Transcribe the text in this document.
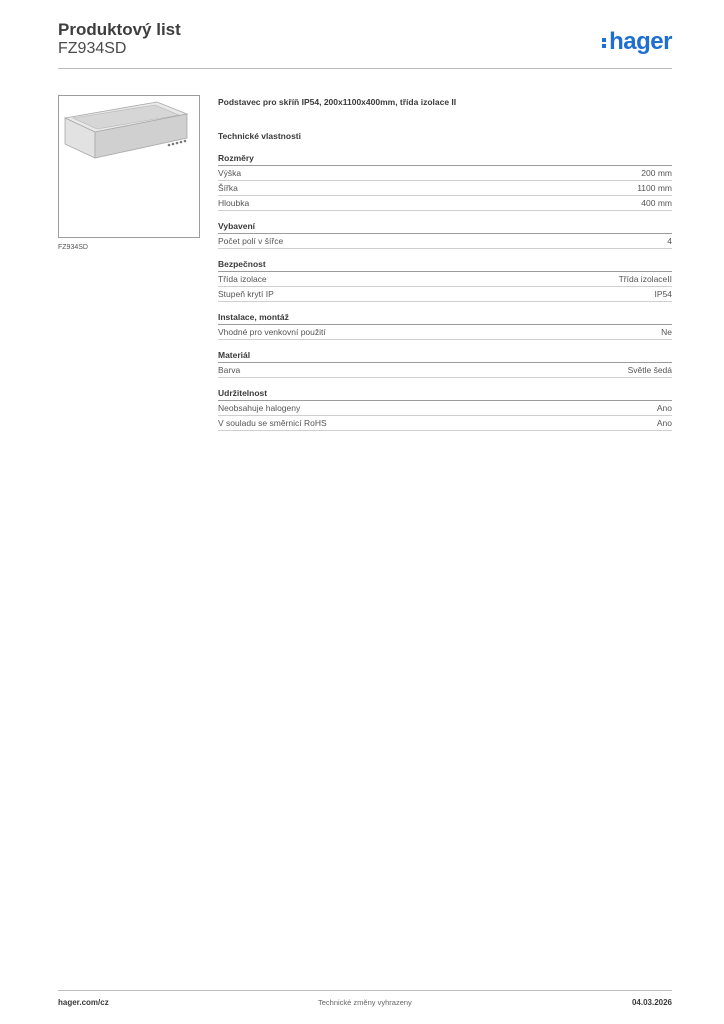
Produktový list
FZ934SD	hager
FZ934SD
Podstavec pro skříň IP54, 200x1100x400mm, třída izolace II
Technické vlastnosti
Rozměry
Výška	200 mm
Šířka	1100 mm
Hloubka	400 mm
Vybavení
Počet polí v šířce	4
Bezpečnost
Třída izolace	Třída izolaceII
Stupeň krytí IP	IP54
Instalace, montáž
Vhodné pro venkovní použití	Ne
Materiál
Barva	Světle šedá
Udržitelnost
Neobsahuje halogeny	Ano
V souladu se směrnicí RoHS	Ano
hager.com/cz	Technické změny vyhrazeny	04.03.2026
